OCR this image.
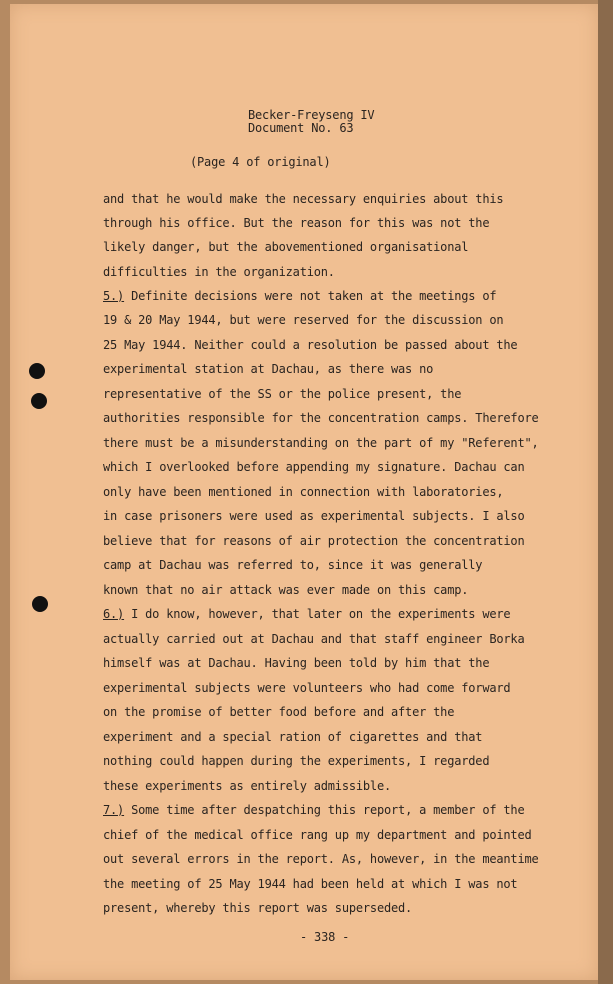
Becker-Freyseng IV
Document No. 63
(Page 4 of original)
and that he would make the necessary enquiries about this
through his office. But the reason for this was not the
likely danger, but the abovementioned organisational
difficulties in the organization.
5.) Definite decisions were not taken at the meetings of
19 & 20 May 1944, but were reserved for the discussion on
25 May 1944. Neither could a resolution be passed about the
experimental station at Dachau, as there was no
representative of the SS or the police present, the
authorities responsible for the concentration camps. Therefore
there must be a misunderstanding on the part of my "Referent",
which I overlooked before appending my signature. Dachau can
only have been mentioned in connection with laboratories,
in case prisoners were used as experimental subjects. I also
believe that for reasons of air protection the concentration
camp at Dachau was referred to, since it was generally
known that no air attack was ever made on this camp.
6.) I do know, however, that later on the experiments were
actually carried out at Dachau and that staff engineer Borka
himself was at Dachau. Having been told by him that the
experimental subjects were volunteers who had come forward
on the promise of better food before and after the
experiment and a special ration of cigarettes and that
nothing could happen during the experiments, I regarded
these experiments as entirely admissible.
7.) Some time after despatching this report, a member of the
chief of the medical office rang up my department and pointed
out several errors in the report. As, however, in the meantime
the meeting of 25 May 1944 had been held at which I was not
present, whereby this report was superseded.
- 338 -
